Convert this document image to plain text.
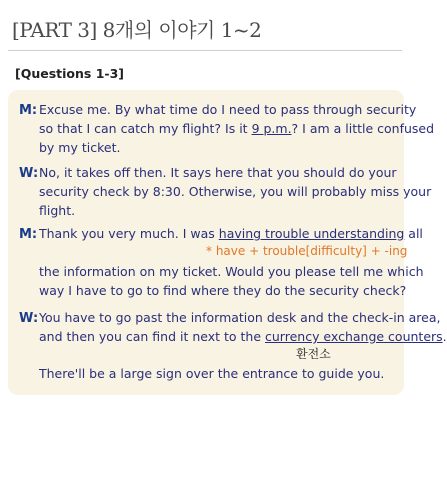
[PART 3] 8개의 이야기 1~2
[Questions 1-3]
M: Excuse me. By what time do I need to pass through security
so that I can catch my flight? Is it 9 p.m.? I am a little confused
by my ticket.
W: No, it takes off then. It says here that you should do your
security check by 8:30. Otherwise, you will probably miss your
flight.
M: Thank you very much. I was having trouble understanding all
* have + trouble[difficulty] + -ing
the information on my ticket. Would you please tell me which
way I have to go to find where they do the security check?
W: You have to go past the information desk and the check-in area,
and then you can find it next to the currency exchange counters.
환전소
There'll be a large sign over the entrance to guide you.
